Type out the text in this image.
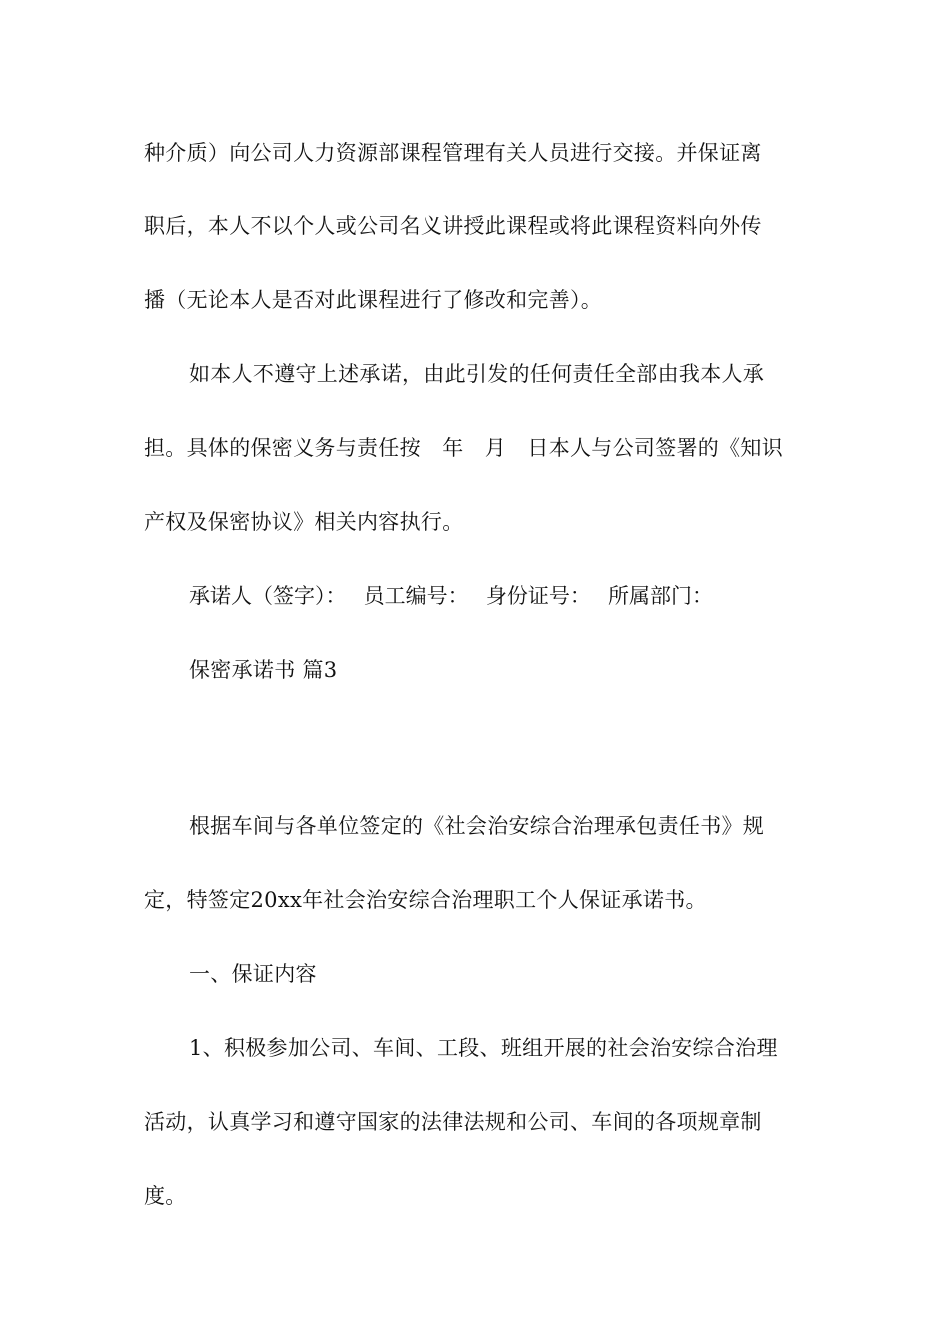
种介质）向公司人力资源部课程管理有关人员进行交接。并保证离
职后，本人不以个人或公司名义讲授此课程或将此课程资料向外传
播（无论本人是否对此课程进行了修改和完善）。
如本人不遵守上述承诺，由此引发的任何责任全部由我本人承
担。具体的保密义务与责任按　年　月　日本人与公司签署的《知识
产权及保密协议》相关内容执行。
承诺人（签字）：　 员工编号：　 身份证号：　 所属部门：
保密承诺书 篇3
根据车间与各单位签定的《社会治安综合治理承包责任书》规
定，特签定20xx年社会治安综合治理职工个人保证承诺书。
一、保证内容
1、积极参加公司、车间、工段、班组开展的社会治安综合治理
活动，认真学习和遵守国家的法律法规和公司、车间的各项规章制
度。
